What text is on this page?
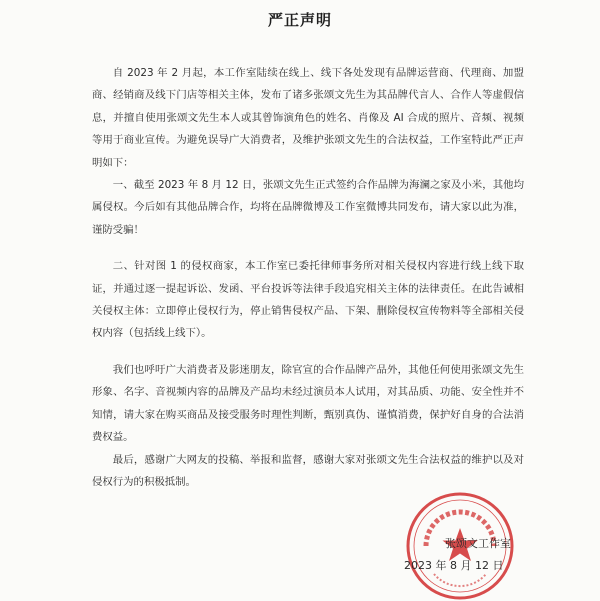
严正声明

自 2023 年 2 月起，本工作室陆续在线上、线下各处发现有品牌运营商、代理商、加盟商、经销商及线下门店等相关主体，发布了诸多张颂文先生为其品牌代言人、合作人等虚假信息，并擅自使用张颂文先生本人或其曾饰演角色的姓名、肖像及 AI 合成的照片、音频、视频等用于商业宣传。为避免误导广大消费者，及维护张颂文先生的合法权益，工作室特此严正声明如下：

一、截至 2023 年 8 月 12 日，张颂文先生正式签约合作品牌为海澜之家及小米，其他均属侵权。今后如有其他品牌合作，均将在品牌微博及工作室微博共同发布，请大家以此为准，谨防受骗！

二、针对图 1 的侵权商家，本工作室已委托律师事务所对相关侵权内容进行线上线下取证，并通过逐一提起诉讼、发函、平台投诉等法律手段追究相关主体的法律责任。在此告诫相关侵权主体：立即停止侵权行为，停止销售侵权产品、下架、删除侵权宣传物料等全部相关侵权内容（包括线上线下）。

我们也呼吁广大消费者及影迷朋友，除官宣的合作品牌产品外，其他任何使用张颂文先生形象、名字、音视频内容的品牌及产品均未经过演员本人试用，对其品质、功能、安全性并不知情，请大家在购买商品及接受服务时理性判断，甄别真伪、谨慎消费，保护好自身的合法消费权益。

最后，感谢广大网友的投稿、举报和监督，感谢大家对张颂文先生合法权益的维护以及对侵权行为的积极抵制。

张颂文工作室
2023 年 8 月 12 日
